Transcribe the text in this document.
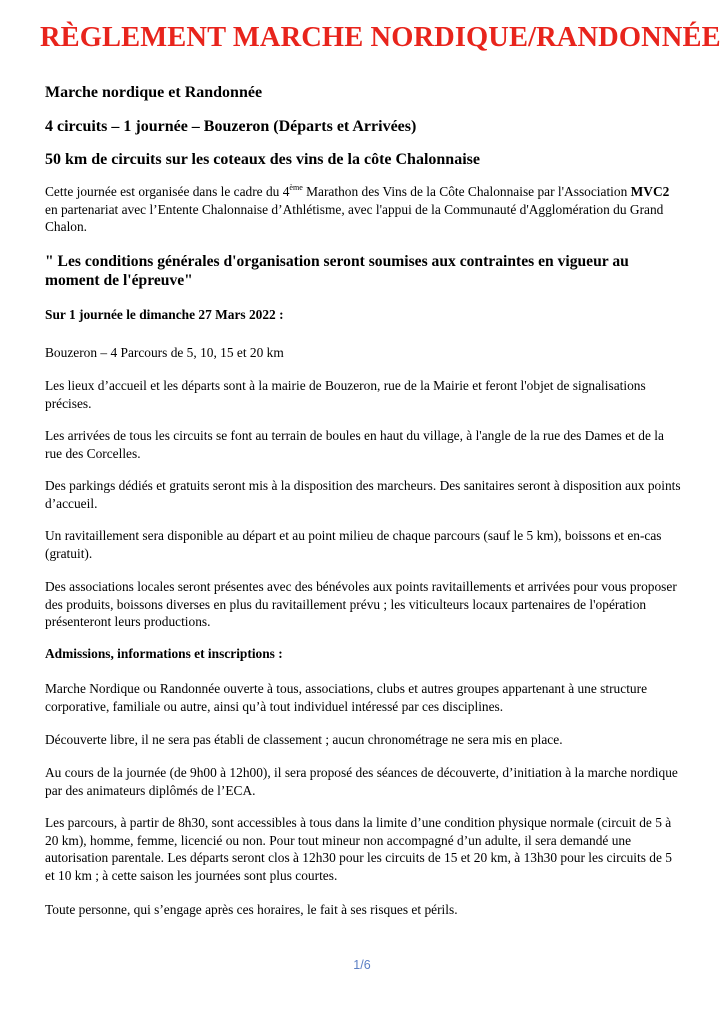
RÈGLEMENT MARCHE NORDIQUE/RANDONNÉE

Marche nordique et Randonnée

4 circuits – 1 journée – Bouzeron (Départs et Arrivées)

50 km de circuits sur les coteaux des vins de la côte Chalonnaise

Cette journée est organisée dans le cadre du 4ème Marathon des Vins de la Côte Chalonnaise par l'Association MVC2 en partenariat avec l’Entente Chalonnaise d’Athlétisme, avec l'appui de la Communauté d'Agglomération du Grand Chalon.

" Les conditions générales d'organisation seront soumises aux contraintes en vigueur au moment de l'épreuve"

Sur 1 journée le dimanche 27 Mars 2022 :

Bouzeron – 4 Parcours de 5, 10, 15 et 20 km

Les lieux d’accueil et les départs sont à la mairie de Bouzeron, rue de la Mairie et feront l'objet de signalisations précises.

Les arrivées de tous les circuits se font au terrain de boules en haut du village, à l'angle de la rue des Dames et de la rue des Corcelles.

Des parkings dédiés et gratuits seront mis à la disposition des marcheurs. Des sanitaires seront à disposition aux points d’accueil.

Un ravitaillement sera disponible au départ et au point milieu de chaque parcours (sauf le 5 km), boissons et en-cas (gratuit).

Des associations locales seront présentes avec des bénévoles aux points ravitaillements et arrivées pour vous proposer des produits, boissons diverses en plus du ravitaillement prévu ; les viticulteurs locaux partenaires de l'opération présenteront leurs productions.

Admissions, informations et inscriptions :

Marche Nordique ou Randonnée ouverte à tous, associations, clubs et autres groupes appartenant à une structure corporative, familiale ou autre, ainsi qu’à tout individuel intéressé par ces disciplines.

Découverte libre, il ne sera pas établi de classement ; aucun chronométrage ne sera mis en place.

Au cours de la journée (de 9h00 à 12h00), il sera proposé des séances de découverte, d’initiation à la marche nordique par des animateurs diplômés de l’ECA.

Les parcours, à partir de 8h30, sont accessibles à tous dans la limite d’une condition physique normale (circuit de 5 à 20 km), homme, femme, licencié ou non. Pour tout mineur non accompagné d’un adulte, il sera demandé une autorisation parentale. Les départs seront clos à 12h30 pour les circuits de 15 et 20 km, à 13h30 pour les circuits de 5 et 10 km ; à cette saison les journées sont plus courtes.

Toute personne, qui s’engage après ces horaires, le fait à ses risques et périls.

1/6
